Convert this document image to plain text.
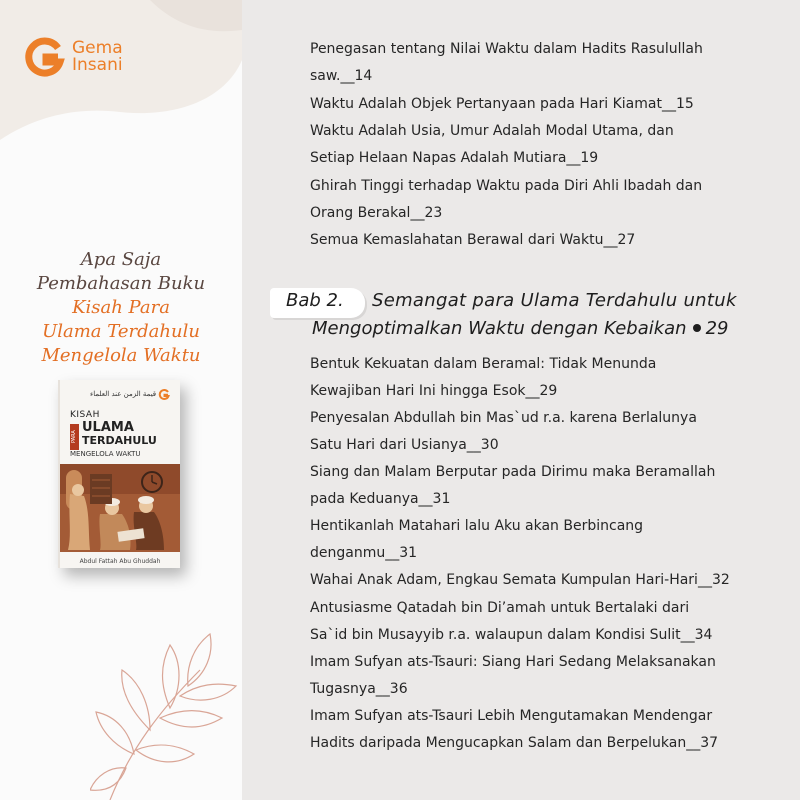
Gema
Insani
Apa Saja
Pembahasan Buku
Kisah Para
Ulama Terdahulu
Mengelola Waktu
قيمة الزمن عند العلماء
KISAH
PARA
ULAMA
TERDAHULU
MENGELOLA WAKTU
Abdul Fattah Abu Ghuddah
Penegasan tentang Nilai Waktu dalam Hadits Rasulullah
saw.__14
Waktu Adalah Objek Pertanyaan pada Hari Kiamat__15
Waktu Adalah Usia, Umur Adalah Modal Utama, dan
Setiap Helaan Napas Adalah Mutiara__19
Ghirah Tinggi terhadap Waktu pada Diri Ahli Ibadah dan
Orang Berakal__23
Semua Kemaslahatan Berawal dari Waktu__27
Bab 2. Semangat para Ulama Terdahulu untuk
Mengoptimalkan Waktu dengan Kebaikan 29
Bentuk Kekuatan dalam Beramal: Tidak Menunda
Kewajiban Hari Ini hingga Esok__29
Penyesalan Abdullah bin Mas`ud r.a. karena Berlalunya
Satu Hari dari Usianya__30
Siang dan Malam Berputar pada Dirimu maka Beramallah
pada Keduanya__31
Hentikanlah Matahari lalu Aku akan Berbincang
denganmu__31
Wahai Anak Adam, Engkau Semata Kumpulan Hari-Hari__32
Antusiasme Qatadah bin Di’amah untuk Bertalaki dari
Sa`id bin Musayyib r.a. walaupun dalam Kondisi Sulit__34
Imam Sufyan ats-Tsauri: Siang Hari Sedang Melaksanakan
Tugasnya__36
Imam Sufyan ats-Tsauri Lebih Mengutamakan Mendengar
Hadits daripada Mengucapkan Salam dan Berpelukan__37
